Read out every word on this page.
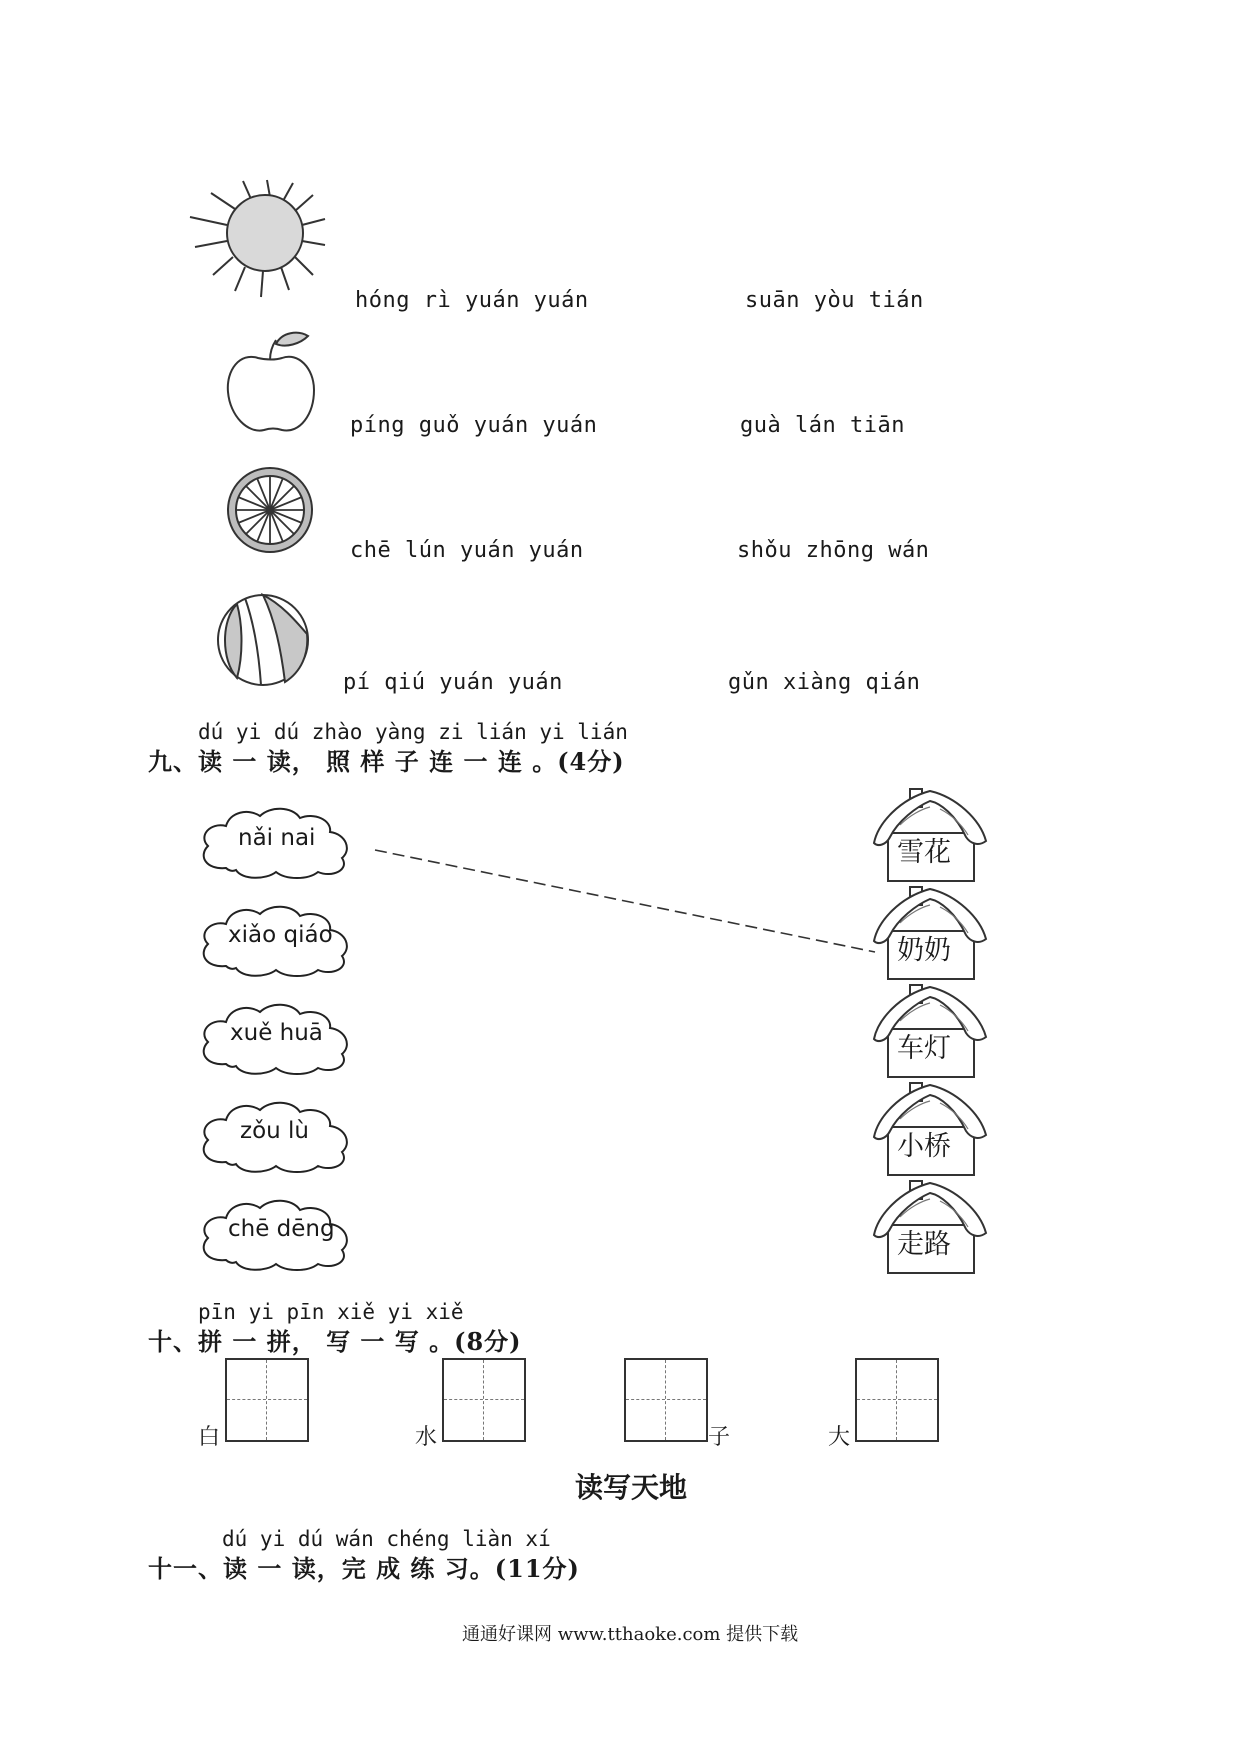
hóng rì yuán yuán	suān yòu tián
píng guǒ yuán yuán	guà lán tiān
chē lún yuán yuán	shǒu zhōng wán
pí qiú yuán yuán	gǔn xiàng qián
dú yi dú zhào yàng zi lián yi lián
九、读 一 读， 照 样 子 连 一 连 。(4分)
nǎi nai
xiǎo qiáo
xuě huā
zǒu lù
chē dēng
雪花
奶奶
车灯
小桥
走路
pīn yi pīn xiě yi xiě
十、拼 一 拼， 写 一 写 。(8分)
白	水	子	大
读写天地
dú yi dú wán chéng liàn xí
十一、读 一 读，完 成 练 习。(11分)
通通好课网 www.tthaoke.com 提供下载
